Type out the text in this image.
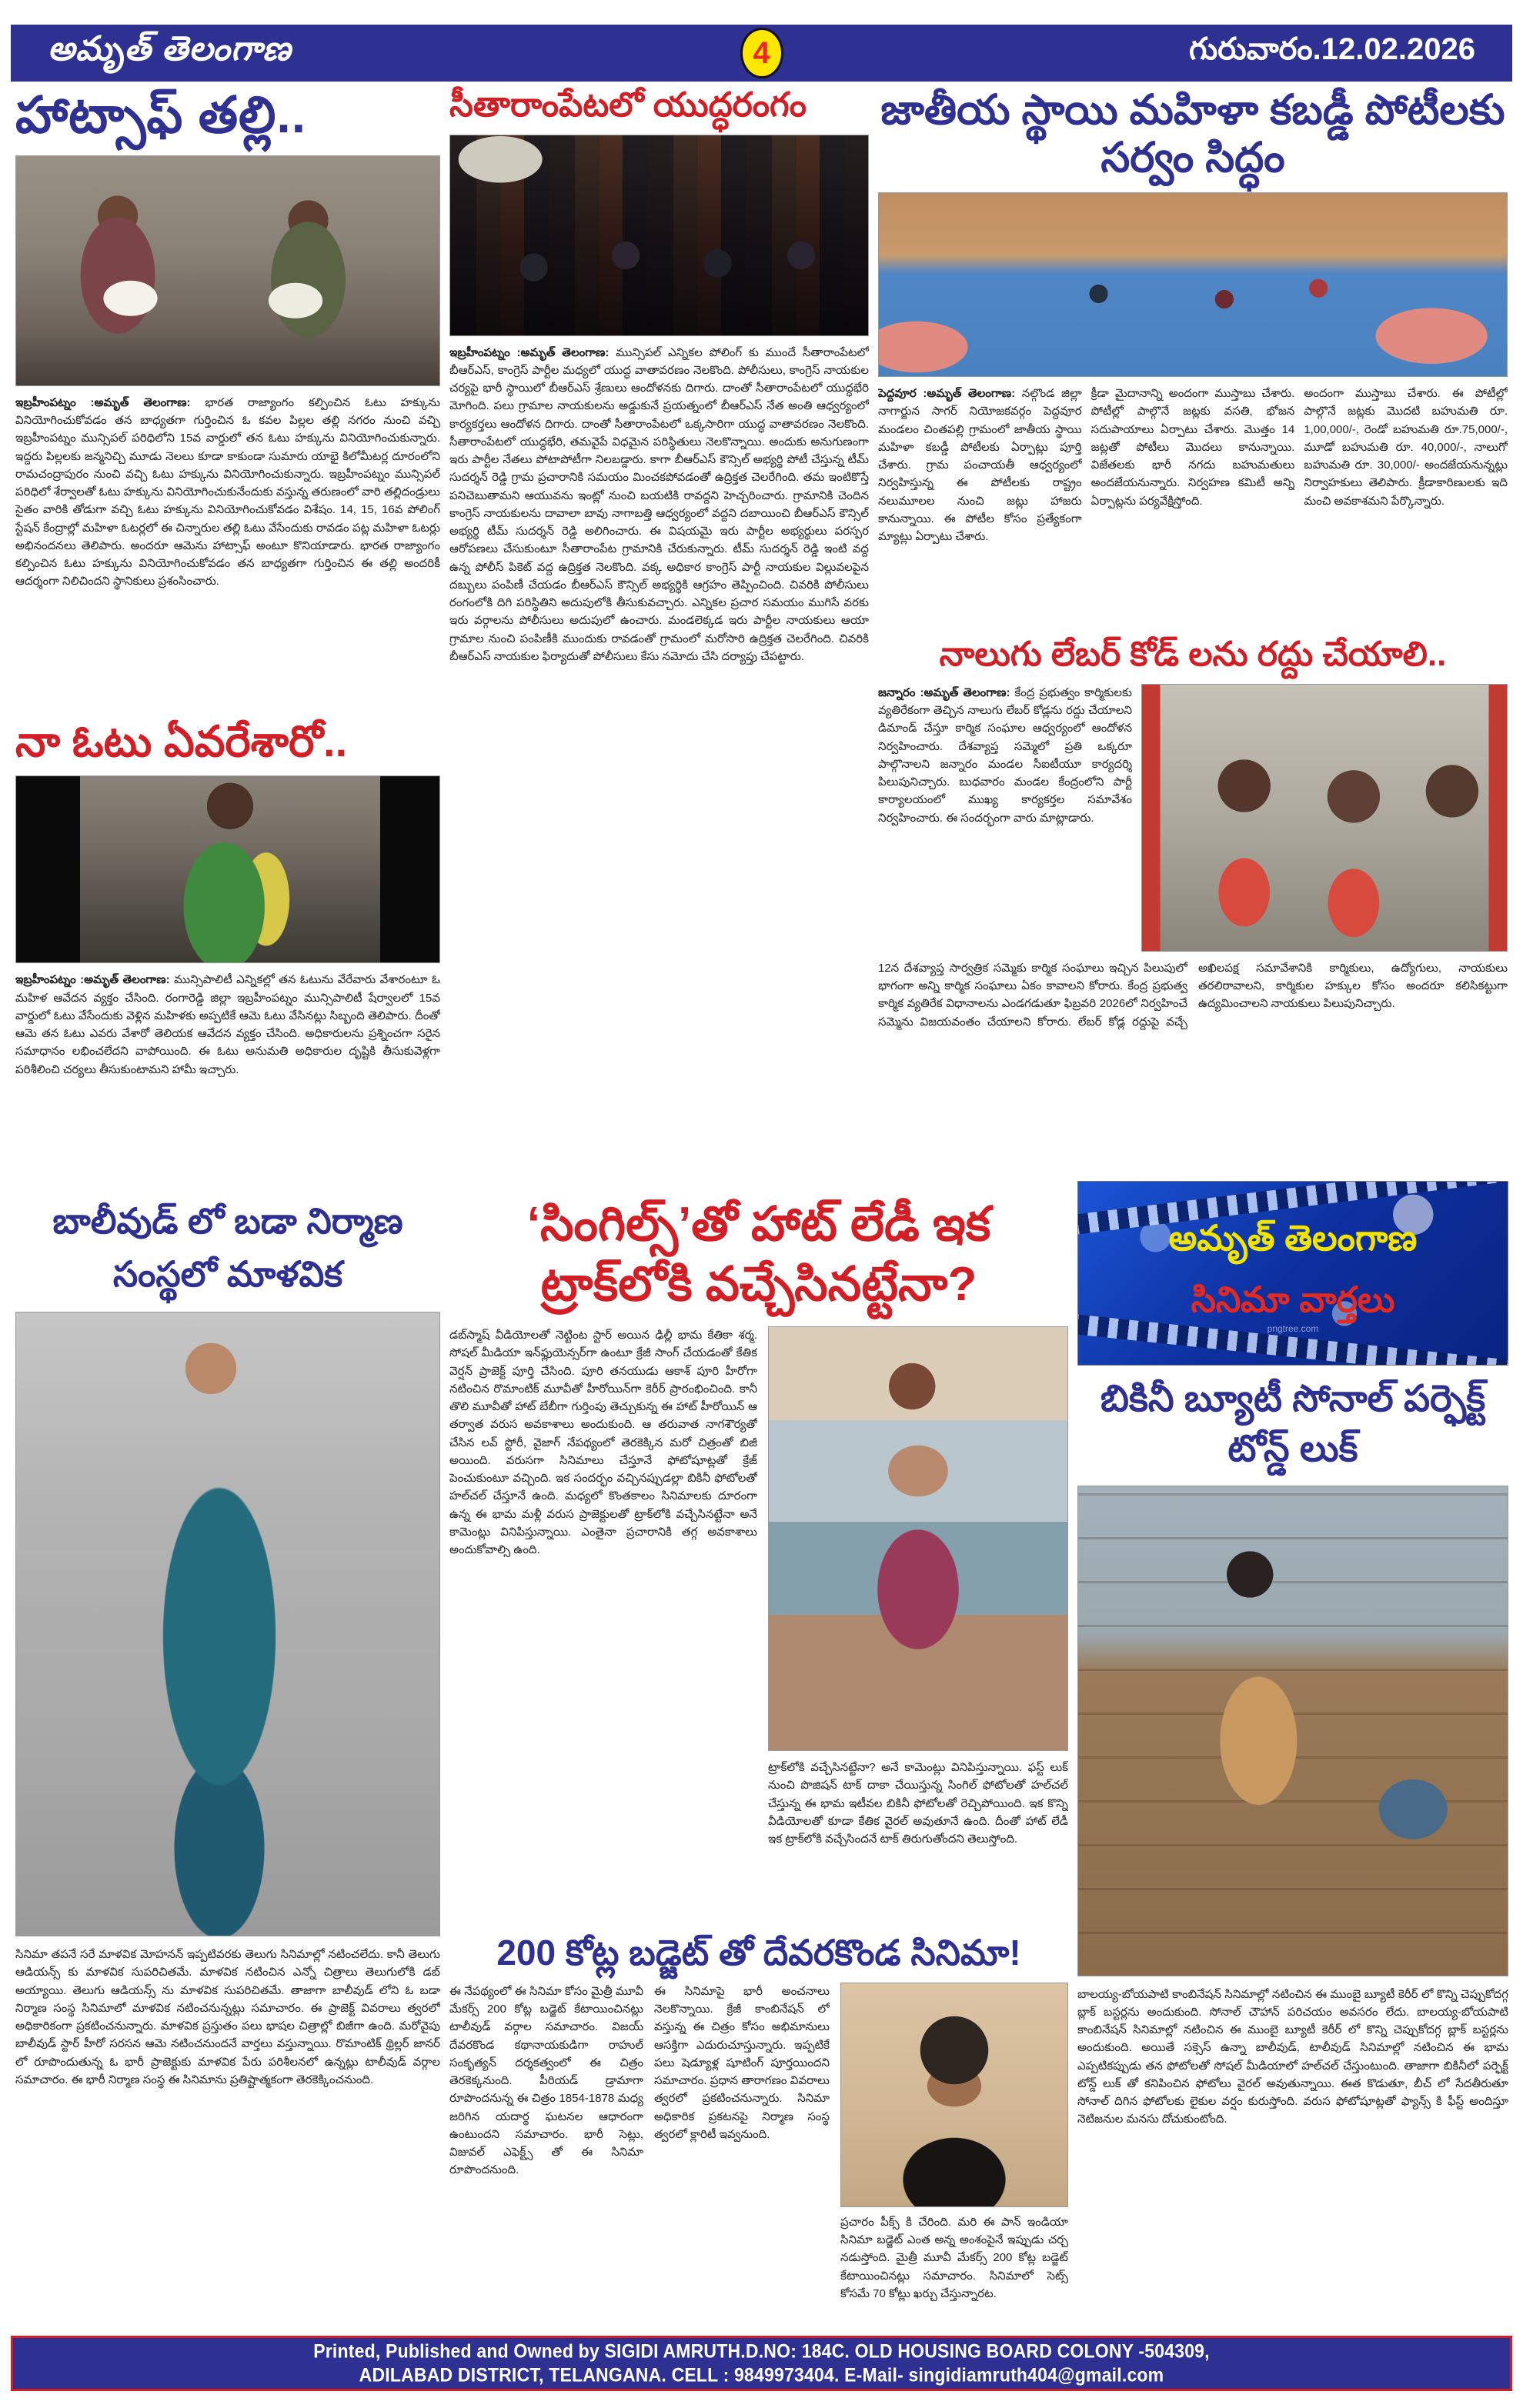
అమృత్ తెలంగాణ	4	గురువారం.12.02.2026
హాట్సాఫ్ తల్లి..
ఇబ్రహీంపట్నం :అమృత్ తెలంగాణ: భారత రాజ్యాంగం కల్పించిన ఓటు హక్కును వినియోగించుకోవడం తన బాధ్యతగా గుర్తించిన ఓ కవల పిల్లల తల్లి నగరం నుంచి వచ్చి ఇబ్రహీంపట్నం మున్సిపల్ పరిధిలోని 15వ వార్డులో తన ఓటు హక్కును వినియోగించుకున్నారు. ఇద్దరు పిల్లలకు జన్మనిచ్చి మూడు నెలలు కూడా కాకుండా సుమారు యాభై కిలోమీటర్ల దూరంలోని రామచంద్రాపురం నుంచి వచ్చి ఓటు హక్కును వినియోగించుకున్నారు. ఇబ్రహీంపట్నం మున్సిపల్ పరిధిలో శేర్వాలతో ఓటు హక్కును వినియోగించుకునేందుకు వస్తున్న తరుణంలో వారి తల్లిదండ్రులు సైతం వారికి తోడుగా వచ్చి ఓటు హక్కును వినియోగించుకోవడం విశేషం. 14, 15, 16వ పోలింగ్ స్టేషన్ కేంద్రాల్లో మహిళా ఓటర్లలో ఈ చిన్నారుల తల్లి ఓటు వేసేందుకు రావడం పట్ల మహిళా ఓటర్లు అభినందనలు తెలిపారు. అందరూ ఆమెను హాట్సాఫ్ అంటూ కొనియాడారు. భారత రాజ్యాంగం కల్పించిన ఓటు హక్కును వినియోగించుకోవడం తన బాధ్యతగా గుర్తించిన ఈ తల్లి అందరికీ ఆదర్శంగా నిలిచిందని స్థానికులు ప్రశంసించారు.
నా ఓటు ఏవరేశారో..
ఇబ్రహీంపట్నం :అమృత్ తెలంగాణ: మున్సిపాలిటీ ఎన్నికల్లో తన ఓటును వేరేవారు వేశారంటూ ఓ మహిళ ఆవేదన వ్యక్తం చేసింది. రంగారెడ్డి జిల్లా ఇబ్రహీంపట్నం మున్సిపాలిటీ షేర్వాలలో 15వ వార్డులో ఓటు వేసేందుకు వెళ్లిన మహిళకు అప్పటికే ఆమె ఓటు వేసినట్లు సిబ్బంది తెలిపారు. దీంతో ఆమె తన ఓటు ఎవరు వేశారో తెలియక ఆవేదన వ్యక్తం చేసింది. అధికారులను ప్రశ్నించగా సరైన సమాధానం లభించలేదని వాపోయింది. ఈ ఓటు అనుమతి అధికారుల దృష్టికి తీసుకువెళ్లగా పరిశీలించి చర్యలు తీసుకుంటామని హామీ ఇచ్చారు.
సీతారాంపేటలో యుద్ధరంగం
ఇబ్రహీంపట్నం :అమృత్ తెలంగాణ: మున్సిపల్ ఎన్నికల పోలింగ్ కు ముందే సీతారాంపేటలో బీఆర్ఎస్, కాంగ్రెస్ పార్టీల మధ్యలో యుద్ధ వాతావరణం నెలకొంది. పోలీసులు, కాంగ్రెస్ నాయకుల చర్యపై భారీ స్థాయిలో బీఆర్ఎస్ శ్రేణులు ఆందోళనకు దిగారు. దాంతో సీతారాంపేటలో యుద్ధభేరి మోగింది. పలు గ్రామాల నాయకులను అడ్డుకునే ప్రయత్నంలో బీఆర్ఎస్ నేత అంతి ఆధ్వర్యంలో కార్యకర్తలు ఆందోళన దిగారు. దాంతో సీతారాంపేటలో ఒక్కసారిగా యుద్ధ వాతావరణం నెలకొంది. సీతారాంపేటలో యుద్ధభేరి, తమవైపే విధమైన పరిస్థితులు నెలకొన్నాయి. అందుకు అనుగుణంగా ఇరు పార్టీల నేతలు పోటాపోటీగా నిలబడ్డారు. కాగా బీఆర్ఎస్ కౌన్సిల్ అభ్యర్థి పోటీ చేస్తున్న టీమ్ సుదర్శన్ రెడ్డి గ్రామ ప్రచారానికి సమయం మించకపోవడంతో ఉద్రిక్తత చెలరేగింది. తమ ఇంటికొస్తే పనిచెబుతామని ఆయువను ఇంట్లో నుంచి బయటికి రావద్దని హెచ్చరించారు. గ్రామానికి చెందిన కాంగ్రెస్ నాయకులను దావాలా బావు నాగాబత్తి ఆధ్వర్యంలో వద్దని దబాయించి బీఆర్ఎస్ కౌన్సిల్ అభ్యర్థి టీమ్ సుదర్శన్ రెడ్డి అలిగించారు. ఈ విషయమై ఇరు పార్టీల అభ్యర్థులు పరస్పర ఆరోపణలు చేసుకుంటూ సీతారాంపేట గ్రామానికి చేరుకున్నారు. టీమ్ సుదర్శన్ రెడ్డి ఇంటి వద్ద ఉన్న పోలీస్ పికెట్ వద్ద ఉద్రిక్తత నెలకొంది. వక్క అధికార కాంగ్రెస్ పార్టీ నాయకుల విల్లువలపైన దబ్బులు పంపిణీ చేయడం బీఆర్ఎస్ కౌన్సిల్ అభ్యర్థికి ఆగ్రహం తెప్పించింది. చివరికి పోలీసులు రంగంలోకి దిగి పరిస్థితిని అదుపులోకి తీసుకువచ్చారు. ఎన్నికల ప్రచార సమయం ముగిసే వరకు ఇరు వర్గాలను పోలీసులు అదుపులో ఉంచారు. మండలెక్కడ ఇరు పార్టీల నాయకులు ఆయా గ్రామాల నుంచి పంపిణీకి ముందుకు రావడంతో గ్రామంలో మరోసారి ఉద్రిక్తత చెలరేగింది. చివరికి బీఆర్ఎస్ నాయకుల ఫిర్యాదుతో పోలీసులు కేసు నమోదు చేసి దర్యాప్తు చేపట్టారు.
జాతీయ స్థాయి మహిళా కబడ్డీ పోటీలకు సర్వం సిద్ధం
పెద్దవూర :అమృత్ తెలంగాణ: నల్గొండ జిల్లా నాగార్జున సాగర్ నియోజకవర్గం పెద్దవూర మండలం చింతపల్లి గ్రామంలో జాతీయ స్థాయి మహిళా కబడ్డీ పోటీలకు ఏర్పాట్లు పూర్తి చేశారు. గ్రామ పంచాయతీ ఆధ్వర్యంలో నిర్వహిస్తున్న ఈ పోటీలకు రాష్ట్రం నలుమూలల నుంచి జట్లు హాజరు కానున్నాయి. ఈ పోటీల కోసం ప్రత్యేకంగా మ్యాట్లు ఏర్పాటు చేశారు.
క్రీడా మైదానాన్ని అందంగా ముస్తాబు చేశారు. పోటీల్లో పాల్గొనే జట్లకు వసతి, భోజన సదుపాయాలు ఏర్పాటు చేశారు. మొత్తం 14 జట్లతో పోటీలు మొదలు కానున్నాయి. విజేతలకు భారీ నగదు బహుమతులు అందజేయనున్నారు. నిర్వహణ కమిటీ అన్ని ఏర్పాట్లను పర్యవేక్షిస్తోంది.
అందంగా ముస్తాబు చేశారు. ఈ పోటీల్లో పాల్గొనే జట్లకు మొదటి బహుమతి రూ. 1,00,000/-, రెండో బహుమతి రూ.75,000/-, మూడో బహుమతి రూ. 40,000/-, నాలుగో బహుమతి రూ. 30,000/- అందజేయనున్నట్లు నిర్వాహకులు తెలిపారు. క్రీడాకారిణులకు ఇది మంచి అవకాశమని పేర్కొన్నారు.
నాలుగు లేబర్ కోడ్ లను రద్దు చేయాలి..
జన్నారం :అమృత్ తెలంగాణ: కేంద్ర ప్రభుత్వం కార్మికులకు వ్యతిరేకంగా తెచ్చిన నాలుగు లేబర్ కోడ్లను రద్దు చేయాలని డిమాండ్ చేస్తూ కార్మిక సంఘాల ఆధ్వర్యంలో ఆందోళన నిర్వహించారు. దేశవ్యాప్త సమ్మెలో ప్రతి ఒక్కరూ పాల్గొనాలని జన్నారం మండల సీఐటీయూ కార్యదర్శి పిలుపునిచ్చారు. బుధవారం మండల కేంద్రంలోని పార్టీ కార్యాలయంలో ముఖ్య కార్యకర్తల సమావేశం నిర్వహించారు. ఈ సందర్భంగా వారు మాట్లాడారు.
12న దేశవ్యాప్త సార్వత్రిక సమ్మెకు కార్మిక సంఘాలు ఇచ్చిన పిలుపులో భాగంగా అన్ని కార్మిక సంఘాలు ఏకం కావాలని కోరారు. కేంద్ర ప్రభుత్వ కార్మిక వ్యతిరేక విధానాలను ఎండగడుతూ ఫిబ్రవరి 2026లో నిర్వహించే సమ్మెను విజయవంతం చేయాలని కోరారు. లేబర్ కోడ్ల రద్దుపై వచ్చే అఖిలపక్ష సమావేశానికి కార్మికులు, ఉద్యోగులు, నాయకులు తరలిరావాలని, కార్మికుల హక్కుల కోసం అందరూ కలిసికట్టుగా ఉద్యమించాలని నాయకులు పిలుపునిచ్చారు.
బాలీవుడ్ లో బడా నిర్మాణ సంస్థలో మాళవిక
సినిమా తపనే సరే మాళవిక మోహనన్ ఇప్పటివరకు తెలుగు సినిమాల్లో నటించలేదు. కానీ తెలుగు ఆడియన్స్ కు మాళవిక సుపరిచితమే. మాళవిక నటించిన ఎన్నో చిత్రాలు తెలుగులోకి డబ్ అయ్యాయి. తెలుగు ఆడియన్స్ ను మాళవిక సుపరిచితమే. తాజాగా బాలీవుడ్ లోని ఓ బడా నిర్మాణ సంస్థ సినిమాలో మాళవిక నటించనున్నట్లు సమాచారం. ఈ ప్రాజెక్ట్ వివరాలు త్వరలో అధికారికంగా ప్రకటించనున్నారు. మాళవిక ప్రస్తుతం పలు భాషల చిత్రాల్లో బిజీగా ఉంది. మరోవైపు బాలీవుడ్ స్టార్ హీరో సరసన ఆమె నటించనుందనే వార్తలు వస్తున్నాయి. రొమాంటిక్ థ్రిల్లర్ జానర్ లో రూపొందుతున్న ఓ భారీ ప్రాజెక్టుకు మాళవిక పేరు పరిశీలనలో ఉన్నట్లు టాలీవుడ్ వర్గాల సమాచారం. ఈ భారీ నిర్మాణ సంస్థ ఈ సినిమాను ప్రతిష్టాత్మకంగా తెరకెక్కించనుంది.
‘సింగిల్స్’తో హాట్ లేడీ ఇక ట్రాక్‌లోకి వచ్చేసినట్టేనా?
డబ్‌స్మాష్ వీడియోలతో నెట్టింట స్టార్ అయిన ఢిల్లీ భామ కేతికా శర్మ. సోషల్ మీడియా ఇన్‌ఫ్లుయెన్సర్‌గా ఉంటూ క్రేజీ సాంగ్ చేయడంతో కేతిక వెర్షన్ ప్రాజెక్ట్ పూర్తి చేసింది. పూరి తనయుడు ఆకాశ్ పూరి హీరోగా నటించిన రొమాంటిక్ మూవీతో హీరోయిన్‌గా కెరీర్ ప్రారంభించింది. కానీ తొలి మూవీతో హాట్ బేబీగా గుర్తింపు తెచ్చుకున్న ఈ హాట్ హీరోయిన్ ఆ తర్వాత వరుస అవకాశాలు అందుకుంది. ఆ తరువాత నాగశౌర్యతో చేసిన లవ్ స్టోరీ, వైజాగ్ నేపథ్యంలో తెరకెక్కిన మరో చిత్రంతో బిజీ అయింది. వరుసగా సినిమాలు చేస్తూనే ఫోటోషూట్లతో క్రేజ్ పెంచుకుంటూ వచ్చింది. ఇక సందర్భం వచ్చినప్పుడల్లా బికినీ ఫోటోలతో హల్‌చల్ చేస్తూనే ఉంది. మధ్యలో కొంతకాలం సినిమాలకు దూరంగా ఉన్న ఈ భామ మళ్లీ వరుస ప్రాజెక్టులతో ట్రాక్‌లోకి వచ్చేసినట్టేనా అనే కామెంట్లు వినిపిస్తున్నాయి. ఎంతైనా ప్రచారానికి తగ్గ అవకాశాలు అందుకోవాల్సి ఉంది.
ట్రాక్‌లోకి వచ్చేసినట్టేనా? అనే కామెంట్లు వినిపిస్తున్నాయి. ఫస్ట్ లుక్ నుంచి పొజిషన్ టాక్ దాకా చేయిస్తున్న సింగిల్ ఫోటోలతో హల్‌చల్ చేస్తున్న ఈ భామ ఇటీవల బికినీ ఫోటోలతో రెచ్చిపోయింది. ఇక కొన్ని వీడియోలతో కూడా కేతిక వైరల్ అవుతూనే ఉంది. దీంతో హాట్ లేడీ ఇక ట్రాక్‌లోకి వచ్చేసిందనే టాక్ తిరుగుతోందని తెలుస్తోంది.
200 కోట్ల బడ్జెట్ తో దేవరకొండ సినిమా!
ఈ నేపథ్యంలో ఈ సినిమా కోసం మైత్రీ మూవీ మేకర్స్ 200 కోట్ల బడ్జెట్ కేటాయించినట్లు టాలీవుడ్ వర్గాల సమాచారం. విజయ్ దేవరకొండ కథానాయకుడిగా రాహుల్ సంకృత్యన్ దర్శకత్వంలో ఈ చిత్రం తెరకెక్కనుంది. పీరియడ్ డ్రామాగా రూపొందనున్న ఈ చిత్రం 1854-1878 మధ్య జరిగిన యదార్థ ఘటనల ఆధారంగా ఉంటుందని సమాచారం. భారీ సెట్లు, విజువల్ ఎఫెక్ట్స్ తో ఈ సినిమా రూపొందనుంది.
ఈ సినిమాపై భారీ అంచనాలు నెలకొన్నాయి. క్రేజీ కాంబినేషన్ లో వస్తున్న ఈ చిత్రం కోసం అభిమానులు ఆసక్తిగా ఎదురుచూస్తున్నారు. ఇప్పటికే పలు షెడ్యూళ్ల షూటింగ్ పూర్తయిందని సమాచారం. ప్రధాన తారాగణం వివరాలు త్వరలో ప్రకటించనున్నారు. సినిమా అధికారిక ప్రకటనపై నిర్మాణ సంస్థ త్వరలో క్లారిటీ ఇవ్వనుంది.
ప్రచారం పీక్స్ కి చేరింది. మరి ఈ పాన్ ఇండియా సినిమా బడ్జెట్ ఎంత అన్న అంశంపైనే ఇప్పుడు చర్చ నడుస్తోంది. మైత్రీ మూవీ మేకర్స్ 200 కోట్ల బడ్జెట్ కేటాయించినట్లు సమాచారం. సినిమాలో సెట్స్ కోసమే 70 కోట్లు ఖర్చు చేస్తున్నారట.
అమృత్ తెలంగాణ
సినిమా వార్తలు
pngtree.com
బికినీ బ్యూటీ సోనాల్ పర్ఫెక్ట్ టోన్డ్ లుక్
బాలయ్య-బోయపాటి కాంబినేషన్ సినిమాల్లో నటించిన ఈ ముంబై బ్యూటీ కెరీర్ లో కొన్ని చెప్పుకోదగ్గ బ్లాక్ బస్టర్లను అందుకుంది. సోనాల్ చౌహాన్ పరిచయం అవసరం లేదు. బాలయ్య-బోయపాటి కాంబినేషన్ సినిమాల్లో నటించిన ఈ ముంబై బ్యూటీ కెరీర్ లో కొన్ని చెప్పుకోదగ్గ బ్లాక్ బస్టర్లను అందుకుంది. అయితే సక్సెస్ ఉన్నా బాలీవుడ్, టాలీవుడ్ సినిమాల్లో నటించిన ఈ భామ ఎప్పటికప్పుడు తన ఫోటోలతో సోషల్ మీడియాలో హల్‌చల్ చేస్తుంటుంది. తాజాగా బికినీలో పర్ఫెక్ట్ టోన్డ్ లుక్ తో కనిపించిన ఫోటోలు వైరల్ అవుతున్నాయి. ఈత కొడుతూ, బీచ్ లో సేదతీరుతూ సోనాల్ దిగిన ఫోటోలకు లైకుల వర్షం కురుస్తోంది. వరుస ఫోటోషూట్లతో ఫ్యాన్స్ కి ఫీస్ట్ అందిస్తూ నెటిజనుల మనసు దోచుకుంటోంది.
Printed, Published and Owned by SIGIDI AMRUTH.D.NO: 184C. OLD HOUSING BOARD COLONY -504309,
ADILABAD DISTRICT, TELANGANA. CELL : 9849973404. E-Mail- singidiamruth404@gmail.com
